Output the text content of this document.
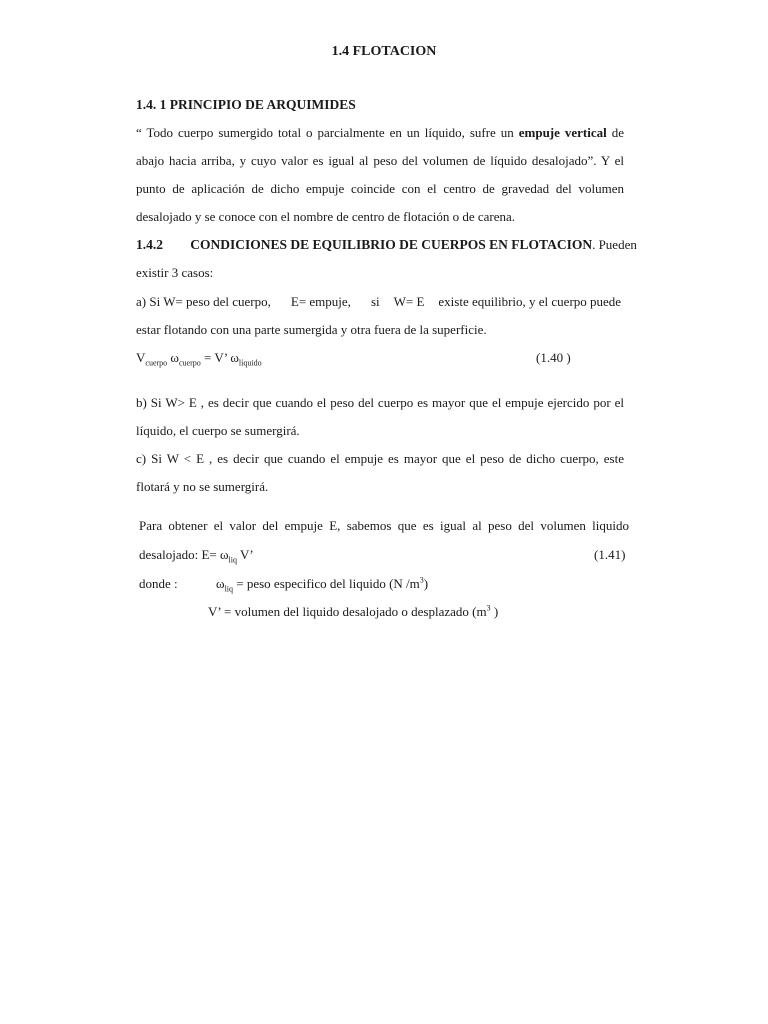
1.4 FLOTACION
1.4. 1 PRINCIPIO DE ARQUIMIDES
“ Todo cuerpo sumergido total o parcialmente en un líquido, sufre un empuje vertical de
abajo hacia arriba, y cuyo valor es igual al peso del volumen de líquido desalojado”. Y el
punto de aplicación de dicho empuje coincide con el centro de gravedad del volumen
desalojado y se conoce con el nombre de centro de flotación o de carena.
1.4.2 CONDICIONES DE EQUILIBRIO DE CUERPOS EN FLOTACION. Pueden
existir 3 casos:
a) Si W= peso del cuerpo, E= empuje, si W= E existe equilibrio, y el cuerpo puede
estar flotando con una parte sumergida y otra fuera de la superficie.
$V_{cuerpo}$ $\omega_{cuerpo} = V$’ $\omega_{líquido}$	(1.40 )
b) Si W> E , es decir que cuando el peso del cuerpo es mayor que el empuje ejercido por el
líquido, el cuerpo se sumergirá.
c) Si W < E , es decir que cuando el empuje es mayor que el peso de dicho cuerpo, este
flotará y no se sumergirá.
Para obtener el valor del empuje E, sabemos que es igual al peso del volumen liquido
desalojado: $E= \omega_{liq}$ V’	(1.41)
donde :	$\omega_{liq}$ = peso especifico del liquido (N $/m^3$)
V’ = volumen del liquido desalojado o desplazado ($m^3$ )
